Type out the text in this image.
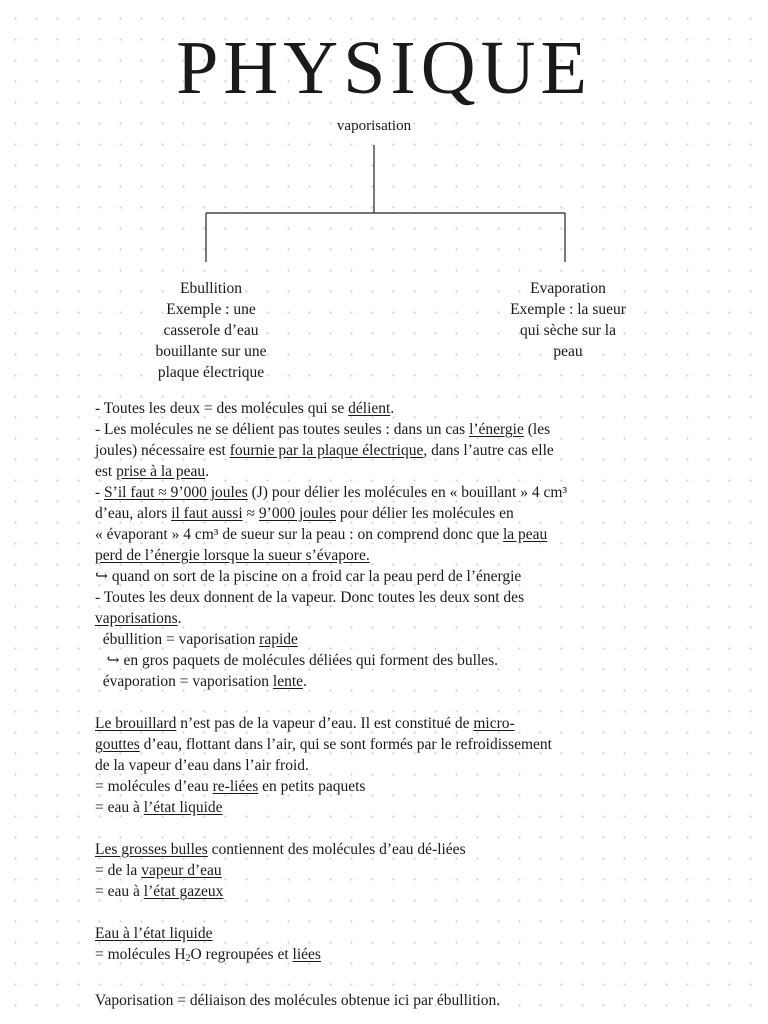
PHYSIQUE
vaporisation
Ebullition
Exemple : une
casserole d’eau
bouillante sur une
plaque électrique
Evaporation
Exemple : la sueur
qui sèche sur la
peau

- Toutes les deux = des molécules qui se délient.

- Les molécules ne se délient pas toutes seules : dans un cas l’énergie (les

joules) nécessaire est fournie par la plaque électrique, dans l’autre cas elle

est prise à la peau.

- S’il faut ≈ 9’000 joules (J) pour délier les molécules en « bouillant » 4 cm³

d’eau, alors il faut aussi ≈ 9’000 joules pour délier les molécules en

« évaporant » 4 cm³ de sueur sur la peau : on comprend donc que la peau

perd de l’énergie lorsque la sueur s’évapore.

↪ quand on sort de la piscine on a froid car la peau perd de l’énergie

- Toutes les deux donnent de la vapeur. Donc toutes les deux sont des

vaporisations.

ébullition = vaporisation rapide

↪ en gros paquets de molécules déliées qui forment des bulles.

évaporation = vaporisation lente.

Le brouillard n’est pas de la vapeur d’eau. Il est constitué de micro-

gouttes d’eau, flottant dans l’air, qui se sont formés par le refroidissement

de la vapeur d’eau dans l’air froid.

= molécules d’eau re-liées en petits paquets

= eau à l’état liquide

Les grosses bulles contiennent des molécules d’eau dé-liées

= de la vapeur d’eau

= eau à l’état gazeux

Eau à l’état liquide

= molécules $H_2O$ regroupées et liées

Vaporisation = déliaison des molécules obtenue ici par ébullition.
